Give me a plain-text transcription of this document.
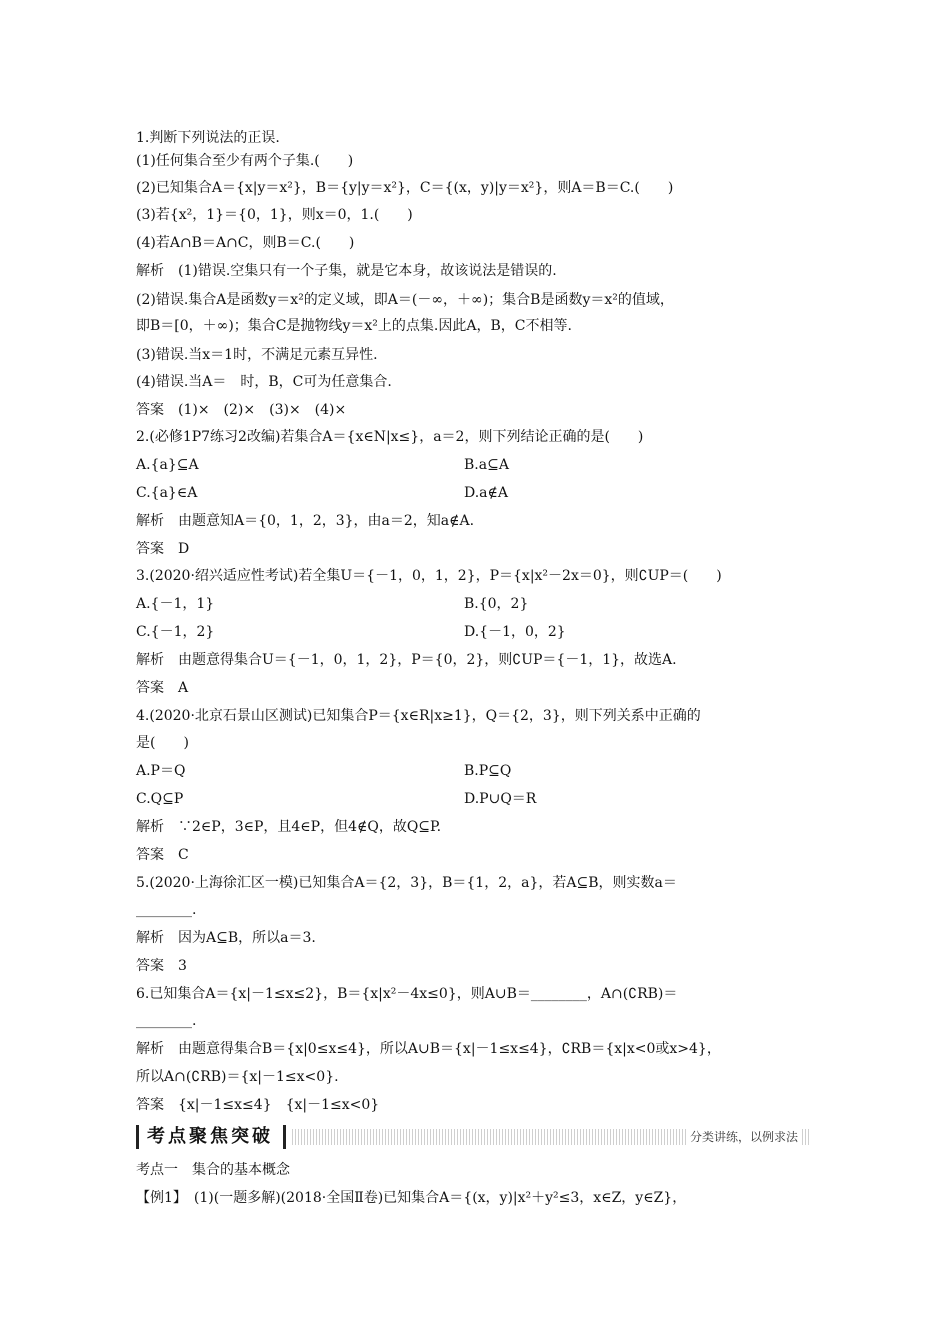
1.判断下列说法的正误.
(1)任何集合至少有两个子集.(　　)
(2)已知集合A＝{x|y＝x²}，B＝{y|y＝x²}，C＝{(x，y)|y＝x²}，则A＝B＝C.(　　)
(3)若{x²，1}＝{0，1}，则x＝0，1.(　　)
(4)若A∩B＝A∩C，则B＝C.(　　)
解析　(1)错误.空集只有一个子集，就是它本身，故该说法是错误的.
(2)错误.集合A是函数y＝x²的定义域，即A＝(－∞，＋∞)；集合B是函数y＝x²的值域，
即B＝[0，＋∞)；集合C是抛物线y＝x²上的点集.因此A，B，C不相等.
(3)错误.当x＝1时，不满足元素互异性.
(4)错误.当A＝　时，B，C可为任意集合.
答案　(1)×　(2)×　(3)×　(4)×
2.(必修1P7练习2改编)若集合A＝{x∈N|x≤}，a＝2，则下列结论正确的是(　　)
A.{a}⊆A	B.a⊆A
C.{a}∈A	D.a∉A
解析　由题意知A＝{0，1，2，3}，由a＝2，知a∉A.
答案　D
3.(2020·绍兴适应性考试)若全集U＝{－1，0，1，2}，P＝{x|x²－2x＝0}，则∁UP＝(　　)
A.{－1，1}	B.{0，2}
C.{－1，2}	D.{－1，0，2}
解析　由题意得集合U＝{－1，0，1，2}，P＝{0，2}，则∁UP＝{－1，1}，故选A.
答案　A
4.(2020·北京石景山区测试)已知集合P＝{x∈R|x≥1}，Q＝{2，3}，则下列关系中正确的
是(　　)
A.P＝Q	B.P⊆Q
C.Q⊆P	D.P∪Q＝R
解析　∵2∈P，3∈P，且4∈P，但4∉Q，故Q⊆P.
答案　C
5.(2020·上海徐汇区一模)已知集合A＝{2，3}，B＝{1，2，a}，若A⊆B，则实数a＝
________.
解析　因为A⊆B，所以a＝3.
答案　3
6.已知集合A＝{x|－1≤x≤2}，B＝{x|x²－4x≤0}，则A∪B＝________，A∩(∁RB)＝
________.
解析　由题意得集合B＝{x|0≤x≤4}，所以A∪B＝{x|－1≤x≤4}，∁RB＝{x|x<0或x>4}，
所以A∩(∁RB)＝{x|－1≤x<0}.
答案　{x|－1≤x≤4}　{x|－1≤x<0}
考点聚焦突破	分类讲练，以例求法
考点一　集合的基本概念
【例1】　(1)(一题多解)(2018·全国Ⅱ卷)已知集合A＝{(x，y)|x²＋y²≤3，x∈Z，y∈Z}，
